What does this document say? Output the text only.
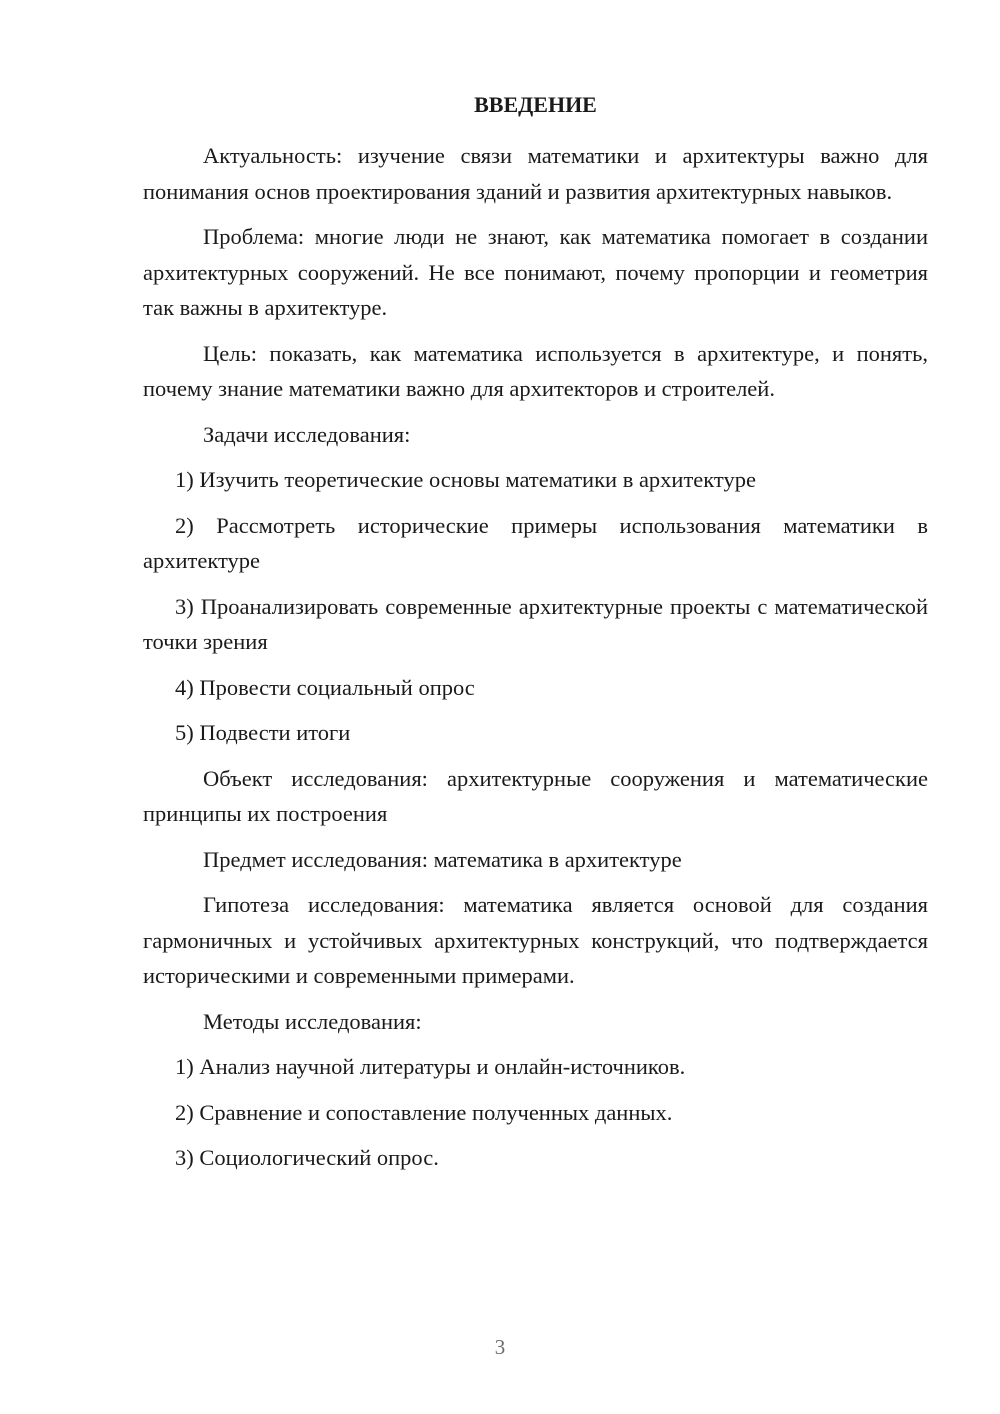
ВВЕДЕНИЕ

Актуальность: изучение связи математики и архитектуры важно для понимания основ проектирования зданий и развития архитектурных навыков.

Проблема: многие люди не знают, как математика помогает в создании архитектурных сооружений. Не все понимают, почему пропорции и геометрия так важны в архитектуре.

Цель: показать, как математика используется в архитектуре, и понять, почему знание математики важно для архитекторов и строителей.

Задачи исследования:

1) Изучить теоретические основы математики в архитектуре

2) Рассмотреть исторические примеры использования математики в архитектуре

3) Проанализировать современные архитектурные проекты с математической точки зрения

4) Провести социальный опрос

5) Подвести итоги

Объект исследования: архитектурные сооружения и математические принципы их построения

Предмет исследования: математика в архитектуре

Гипотеза исследования: математика является основой для создания гармоничных и устойчивых архитектурных конструкций, что подтверждается историческими и современными примерами.

Методы исследования:

1) Анализ научной литературы и онлайн-источников.

2) Сравнение и сопоставление полученных данных.

3) Социологический опрос.

3
